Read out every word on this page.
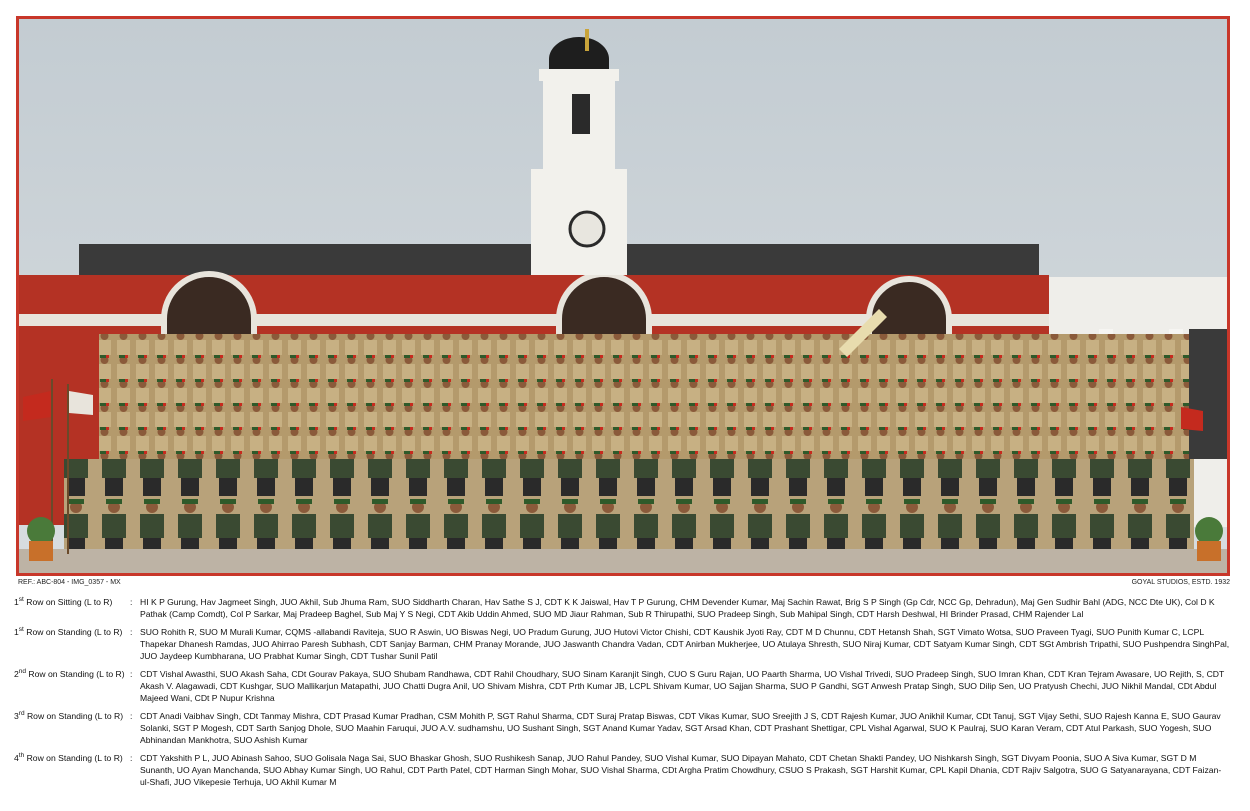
REF.: ABC-804 - IMG_0357 - MX	GOYAL STUDIOS, ESTD. 1932
1st Row on Sitting (L to R)	: HI K P Gurung, Hav Jagmeet Singh, JUO Akhil, Sub Jhuma Ram, SUO Siddharth Charan, Hav Sathe S J, CDT K K Jaiswal, Hav T P Gurung, CHM Devender Kumar, Maj Sachin Rawat, Brig S P Singh (Gp Cdr, NCC Gp, Dehradun), Maj Gen Sudhir Bahl (ADG, NCC Dte UK), Col D K Pathak (Camp Comdt), Col P Sarkar, Maj Pradeep Baghel, Sub Maj Y S Negi, CDT Akib Uddin Ahmed, SUO MD Jiaur Rahman, Sub R Thirupathi, SUO Pradeep Singh, Sub Mahipal Singh, CDT Harsh Deshwal, HI Brinder Prasad, CHM Rajender Lal
1st Row on Standing (L to R) : SUO Rohith R, SUO M Murali Kumar, CQMS -allabandi Raviteja, SUO R Aswin, UO Biswas Negi, UO Pradum Gurung, JUO Hutovi Victor Chishi, CDT Kaushik Jyoti Ray, CDT M D Chunnu, CDT Hetansh Shah, SGT Vimato Wotsa, SUO Praveen Tyagi, SUO Punith Kumar C, LCPL Thapekar Dhanesh Ramdas, JUO Ahirrao Paresh Subhash, CDT Sanjay Barman, CHM Pranay Morande, JUO Jaswanth Chandra Vadan, CDT Anirban Mukherjee, UO Atulaya Shresth, SUO Niraj Kumar, CDT Satyam Kumar Singh, CDT SGt Ambrish Tripathi, SUO Pushpendra SinghPal, JUO Jaydeep Kumbharana, UO Prabhat Kumar Singh, CDT Tushar Sunil Patil
2nd Row on Standing (L to R) : CDT Vishal Awasthi, SUO Akash Saha, CDt Gourav Pakaya, SUO Shubam Randhawa, CDT Rahil Choudhary, SUO Sinam Karanjit Singh, CUO S Guru Rajan, UO Paarth Sharma, UO Vishal Trivedi, SUO Pradeep Singh, SUO Imran Khan, CDT Kran Tejram Awasare, UO Rejith, S, CDT Akash V. Alagawadi, CDT Kushgar, SUO Mallikarjun Matapathi, JUO Chatti Dugra Anil, UO Shivam Mishra, CDT Prth Kumar JB, LCPL Shivam Kumar, UO Sajjan Sharma, SUO P Gandhi, SGT Anwesh Pratap Singh, SUO Dilip Sen, UO Pratyush Chechi, JUO Nikhil Mandal, CDt Abdul Majeed Wani, CDt P Nupur Krishna
3rd Row on Standing (L to R) : CDT Anadi Vaibhav Singh, CDt Tanmay Mishra, CDT Prasad Kumar Pradhan, CSM Mohith P, SGT Rahul Sharma, CDT Suraj Pratap Biswas, CDT Vikas Kumar, SUO Sreejith J S, CDT Rajesh Kumar, JUO Anikhil Kumar, CDt Tanuj, SGT Vijay Sethi, SUO Rajesh Kanna E, SUO Gaurav Solanki, SGT P Mogesh, CDT Sarth Sanjog Dhole, SUO Maahin Faruqui, JUO A.V. sudhamshu, UO Sushant Singh, SGT Anand Kumar Yadav, SGT Arsad Khan, CDT Prashant Shettigar, CPL Vishal Agarwal, SUO K Paulraj, SUO Karan Veram, CDT Atul Parkash, SUO Yogesh, SUO Abhinandan Mankhotra, SUO Ashish Kumar
4th Row on Standing (L to R) : CDT Yakshith P L, JUO Abinash Sahoo, SUO Golisala Naga Sai, SUO Bhaskar Ghosh, SUO Rushikesh Sanap, JUO Rahul Pandey, SUO Vishal Kumar, SUO Dipayan Mahato, CDT Chetan Shakti Pandey, UO Nishkarsh Singh, SGT Divyam Poonia, SUO A Siva Kumar, SGT D M Sunanth, UO Ayan Manchanda, SUO Abhay Kumar Singh, UO Rahul, CDT Parth Patel, CDT Harman Singh Mohar, SUO Vishal Sharma, CDt Argha Pratim Chowdhury, CSUO S Prakash, SGT Harshit Kumar, CPL Kapil Dhania, CDT Rajiv Salgotra, SUO G Satyanarayana, CDT Faizan-ul-Shafi, JUO Vikepesie Terhuja, UO Akhil Kumar M
